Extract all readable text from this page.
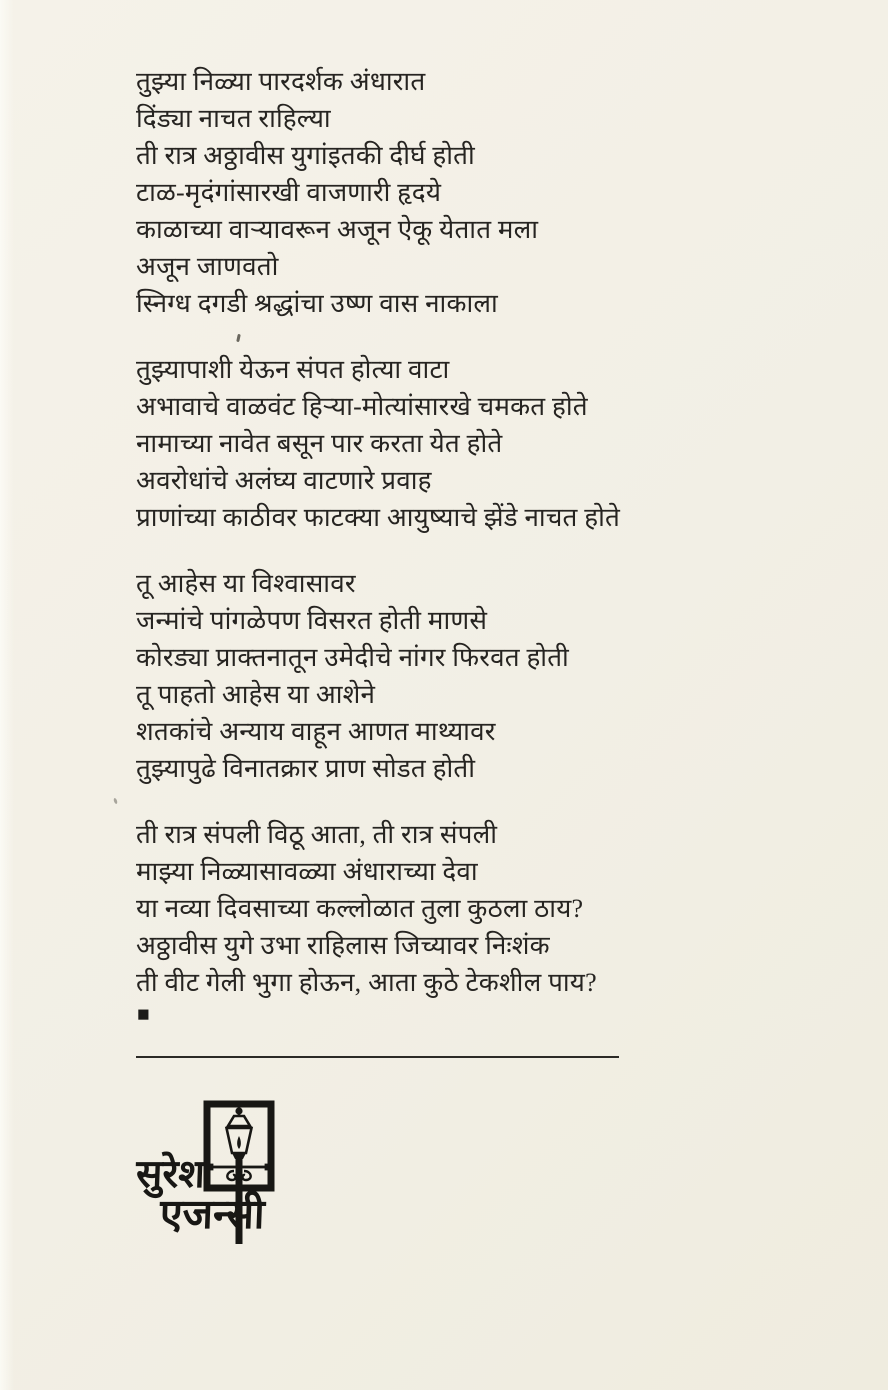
तुझ्या निळ्या पारदर्शक अंधारात
दिंड्या नाचत राहिल्या
ती रात्र अठ्ठावीस युगांइतकी दीर्घ होती
टाळ-मृदंगांसारखी वाजणारी हृदये
काळाच्या वाऱ्यावरून अजून ऐकू येतात मला
अजून जाणवतो
स्निग्ध दगडी श्रद्धांचा उष्ण वास नाकाला
तुझ्यापाशी येऊन संपत होत्या वाटा
अभावाचे वाळवंट हिऱ्या-मोत्यांसारखे चमकत होते
नामाच्या नावेत बसून पार करता येत होते
अवरोधांचे अलंघ्य वाटणारे प्रवाह
प्राणांच्या काठीवर फाटक्या आयुष्याचे झेंडे नाचत होते
तू आहेस या विश्वासावर
जन्मांचे पांगळेपण विसरत होती माणसे
कोरड्या प्राक्तनातून उमेदीचे नांगर फिरवत होती
तू पाहतो आहेस या आशेने
शतकांचे अन्याय वाहून आणत माथ्यावर
तुझ्यापुढे विनातक्रार प्राण सोडत होती
ती रात्र संपली विठू आता, ती रात्र संपली
माझ्या निळ्यासावळ्या अंधाराच्या देवा
या नव्या दिवसाच्या कल्लोळात तुला कुठला ठाय?
अठ्ठावीस युगे उभा राहिलास जिच्यावर निःशंक
ती वीट गेली भुगा होऊन, आता कुठे टेकशील पाय?
■
सुरेश
एजन्सी
